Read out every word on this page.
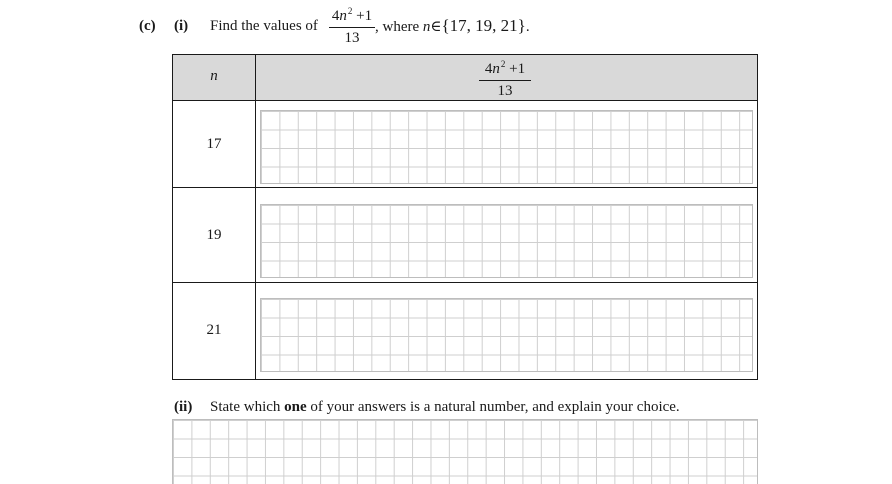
(c) (i) Find the values of $\frac{4n^2 +1}{13}$ , where n∈{17, 19, 21}.
n	$\frac{4n^2 +1}{13}$
17
19
21
(ii) State which one of your answers is a natural number, and explain your choice.
